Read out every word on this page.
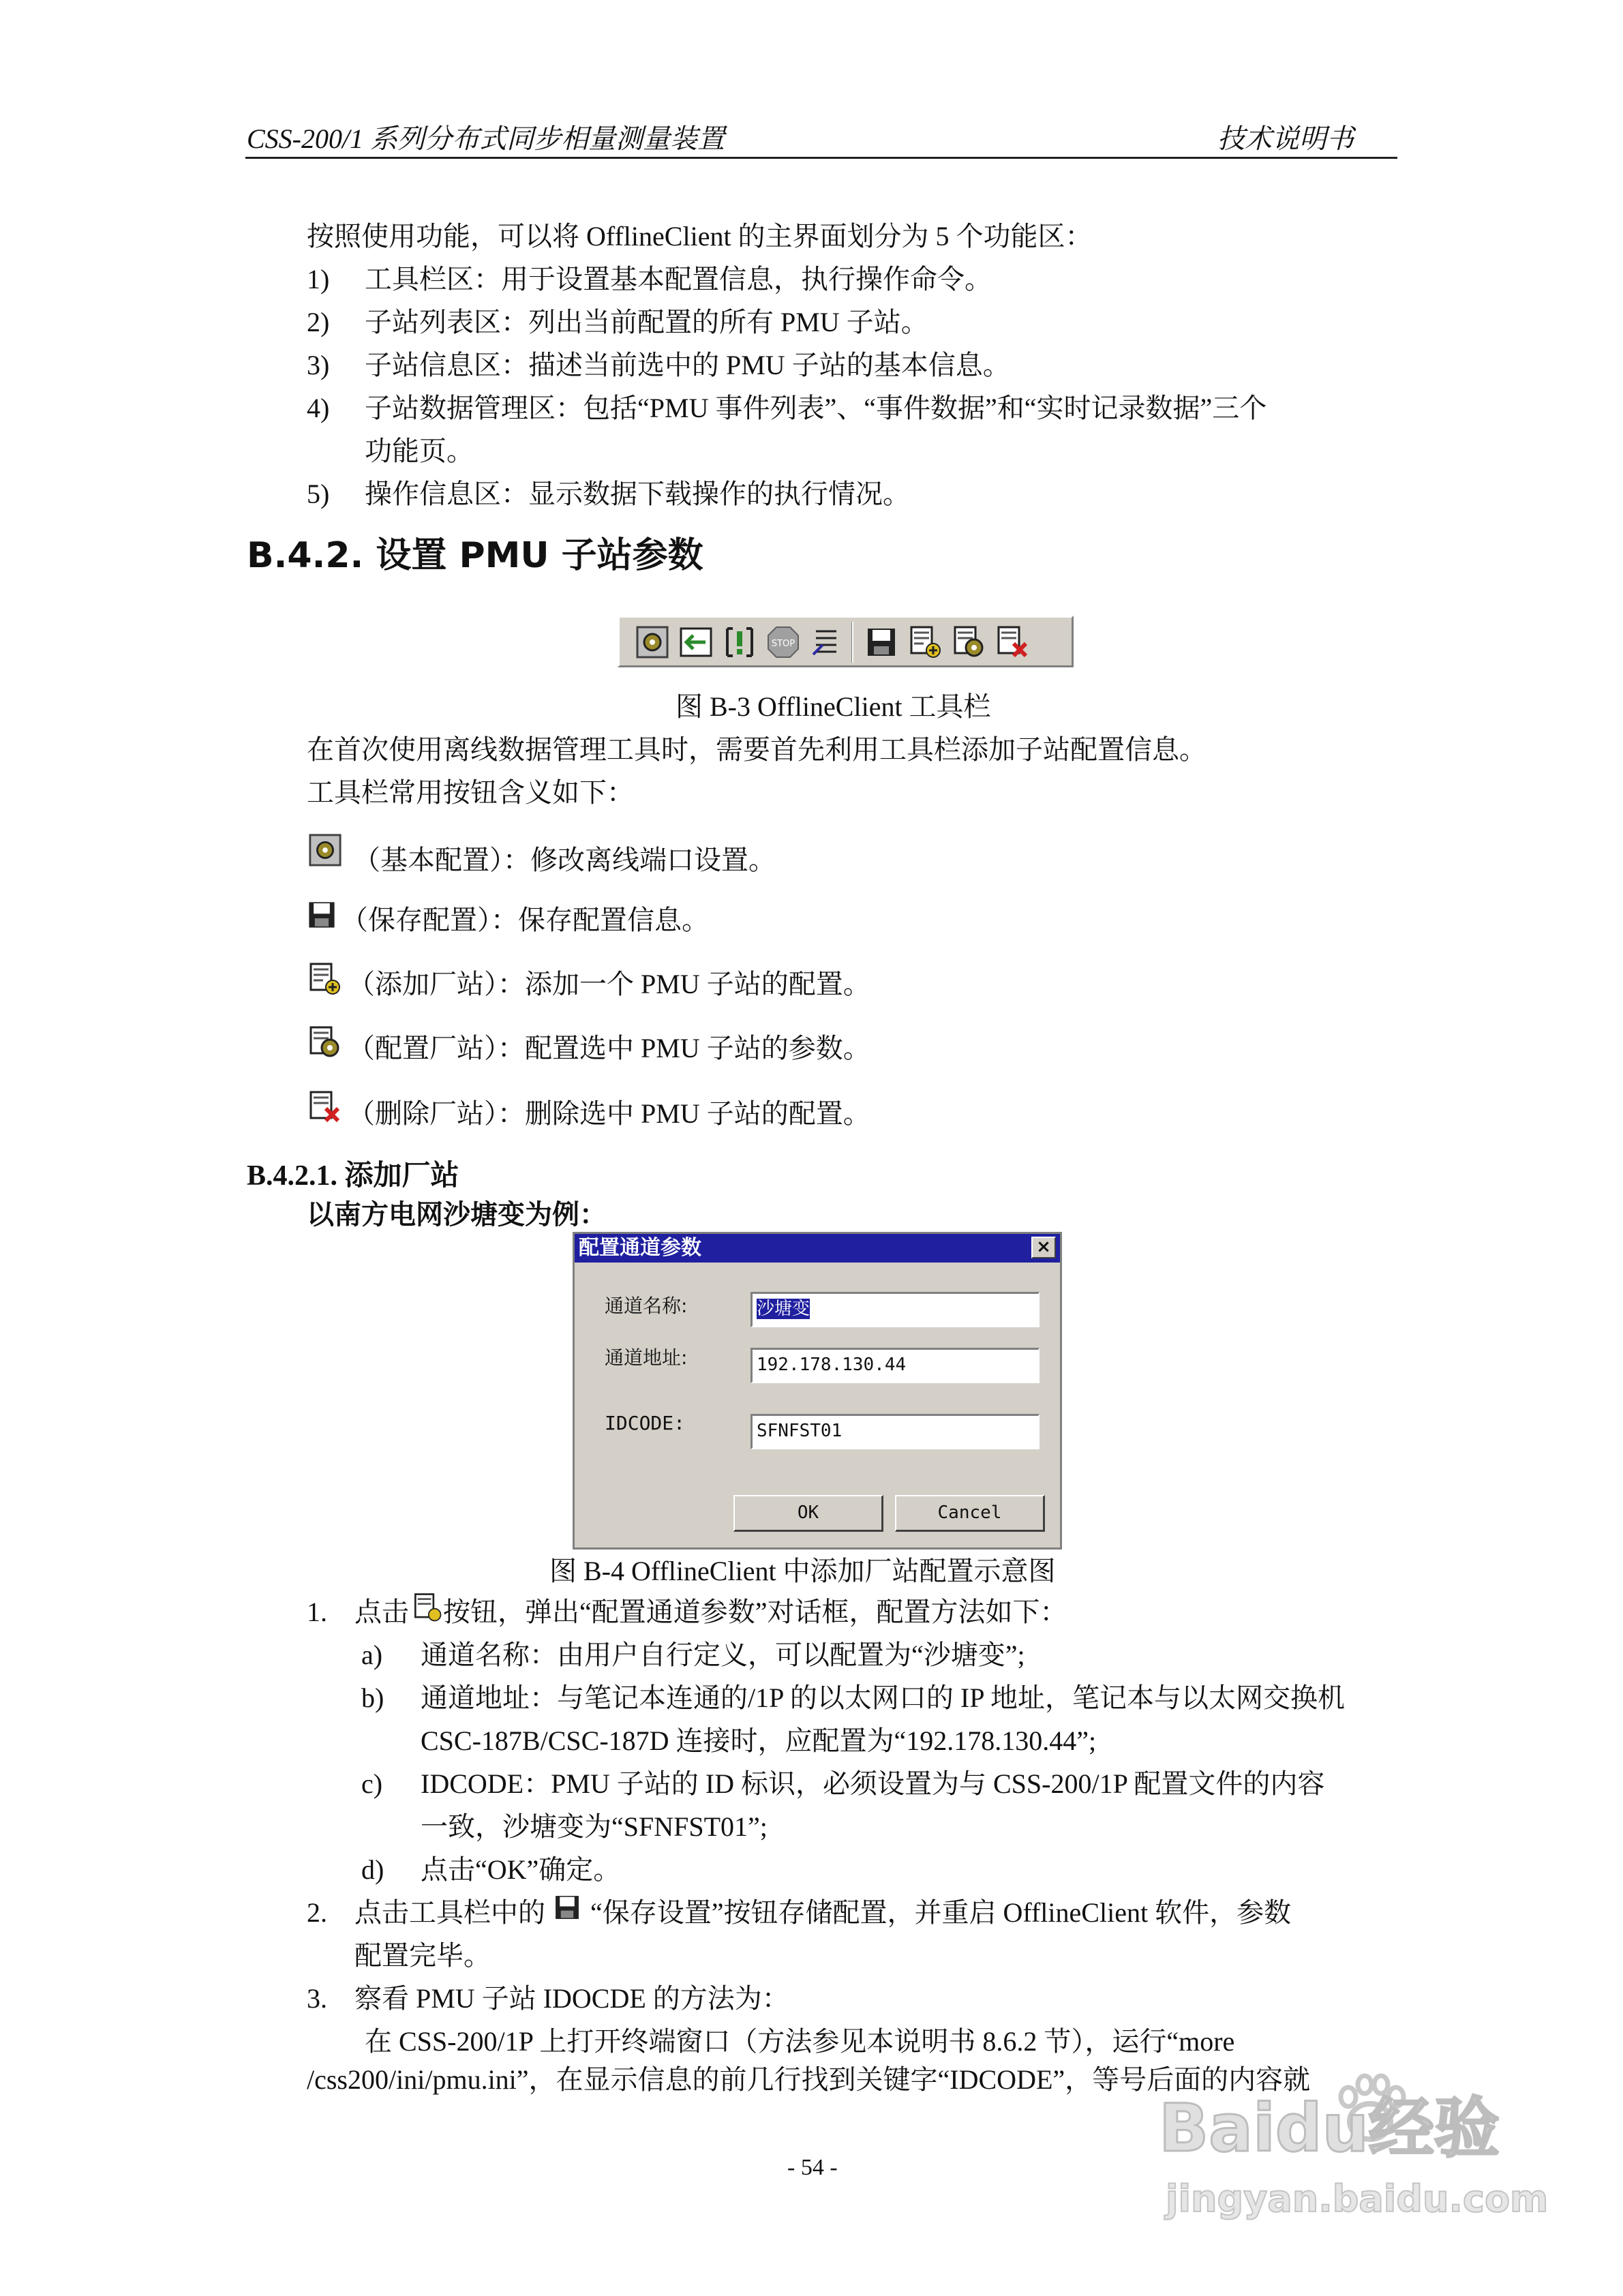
CSS-200/1 系列分布式同步相量测量装置	技术说明书
按照使用功能，可以将 OfflineClient 的主界面划分为 5 个功能区：
1) 工具栏区：用于设置基本配置信息，执行操作命令。
2) 子站列表区：列出当前配置的所有 PMU 子站。
3) 子站信息区：描述当前选中的 PMU 子站的基本信息。
4) 子站数据管理区：包括“PMU 事件列表”、“事件数据”和“实时记录数据”三个
功能页。
5) 操作信息区：显示数据下载操作的执行情况。
B.4.2. 设置 PMU 子站参数
STOP
图 B-3 OfflineClient 工具栏
在首次使用离线数据管理工具时，需要首先利用工具栏添加子站配置信息。
工具栏常用按钮含义如下：
（基本配置）：修改离线端口设置。
（保存配置）：保存配置信息。
（添加厂站）：添加一个 PMU 子站的配置。
（配置厂站）：配置选中 PMU 子站的参数。
（删除厂站）：删除选中 PMU 子站的配置。
B.4.2.1. 添加厂站
以南方电网沙塘变为例：
配置通道参数	×
通道名称:	沙塘变
通道地址:	192.178.130.44
IDCODE:	SFNFST01
OK	Cancel
图 B-4 OfflineClient 中添加厂站配置示意图
1. 点击 按钮，弹出“配置通道参数”对话框，配置方法如下：
a) 通道名称：由用户自行定义，可以配置为“沙塘变”;
b) 通道地址：与笔记本连通的/1P 的以太网口的 IP 地址，笔记本与以太网交换机
CSC-187B/CSC-187D 连接时，应配置为“192.178.130.44”;
c) IDCODE：PMU 子站的 ID 标识，必须设置为与 CSS-200/1P 配置文件的内容
一致，沙塘变为“SFNFST01”;
d) 点击“OK”确定。
2. 点击工具栏中的 “保存设置”按钮存储配置，并重启 OfflineClient 软件，参数
配置完毕。
3. 察看 PMU 子站 IDOCDE 的方法为：
在 CSS-200/1P 上打开终端窗口（方法参见本说明书 8.6.2 节），运行“more
/css200/ini/pmu.ini”，在显示信息的前几行找到关键字“IDCODE”，等号后面的内容就
- 54 -
Baidu经验
jingyan.baidu.com
